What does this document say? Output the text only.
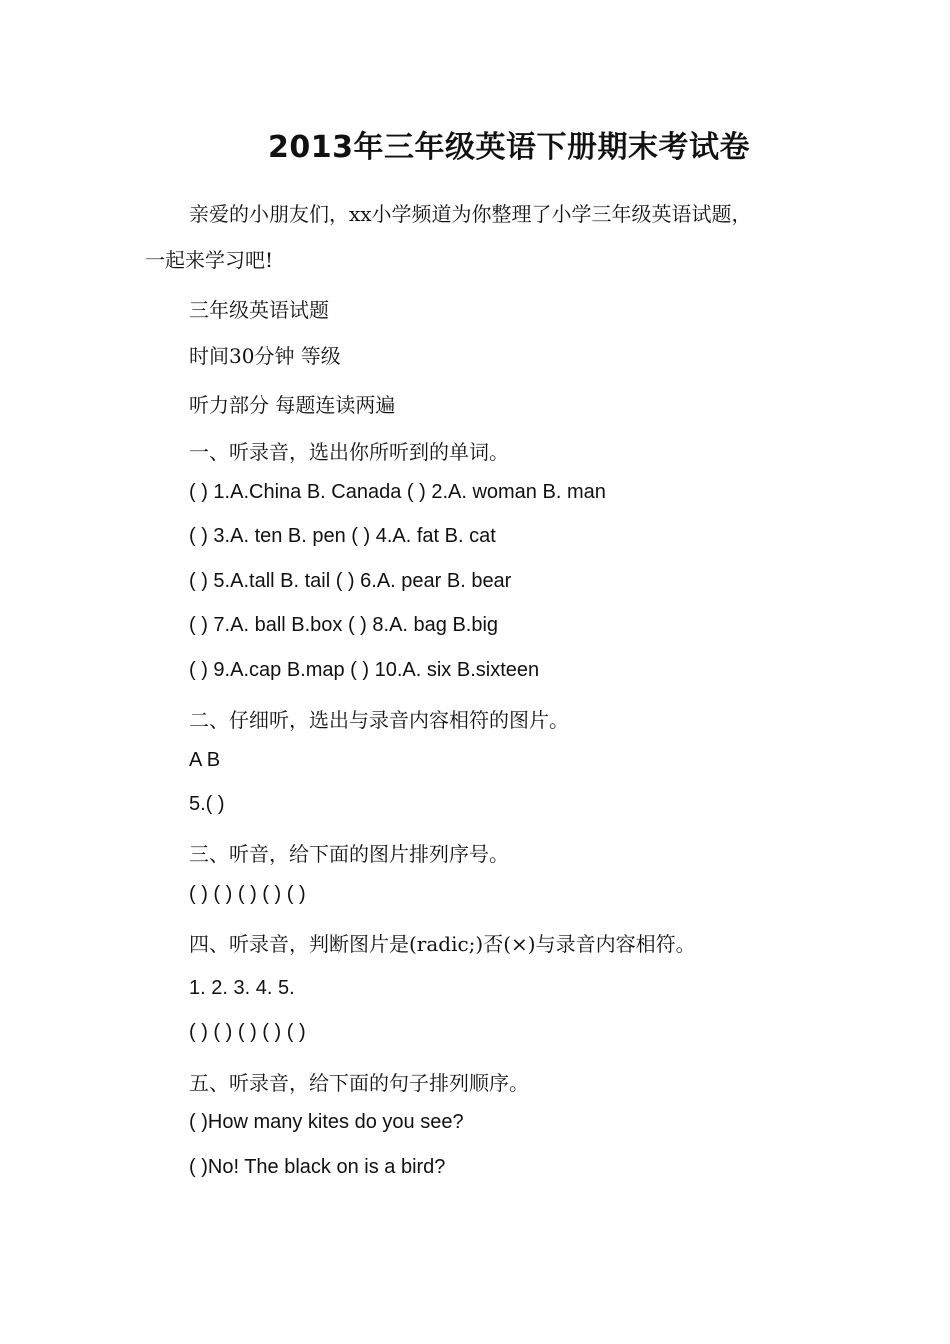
2013年三年级英语下册期末考试卷
亲爱的小朋友们，xx小学频道为你整理了小学三年级英语试题，
一起来学习吧!
三年级英语试题
时间30分钟 等级
听力部分 每题连读两遍
一、听录音，选出你所听到的单词。
( ) 1.A.China B. Canada ( ) 2.A. woman B. man
( ) 3.A. ten B. pen ( ) 4.A. fat B. cat
( ) 5.A.tall B. tail ( ) 6.A. pear B. bear
( ) 7.A. ball B.box ( ) 8.A. bag B.big
( ) 9.A.cap B.map ( ) 10.A. six B.sixteen
二、仔细听，选出与录音内容相符的图片。
A B
5.( )
三、听音，给下面的图片排列序号。
( ) ( ) ( ) ( ) ( )
四、听录音，判断图片是(radic;)否(×)与录音内容相符。
1. 2. 3. 4. 5.
( ) ( ) ( ) ( ) ( )
五、听录音，给下面的句子排列顺序。
( )How many kites do you see?
( )No! The black on is a bird?
